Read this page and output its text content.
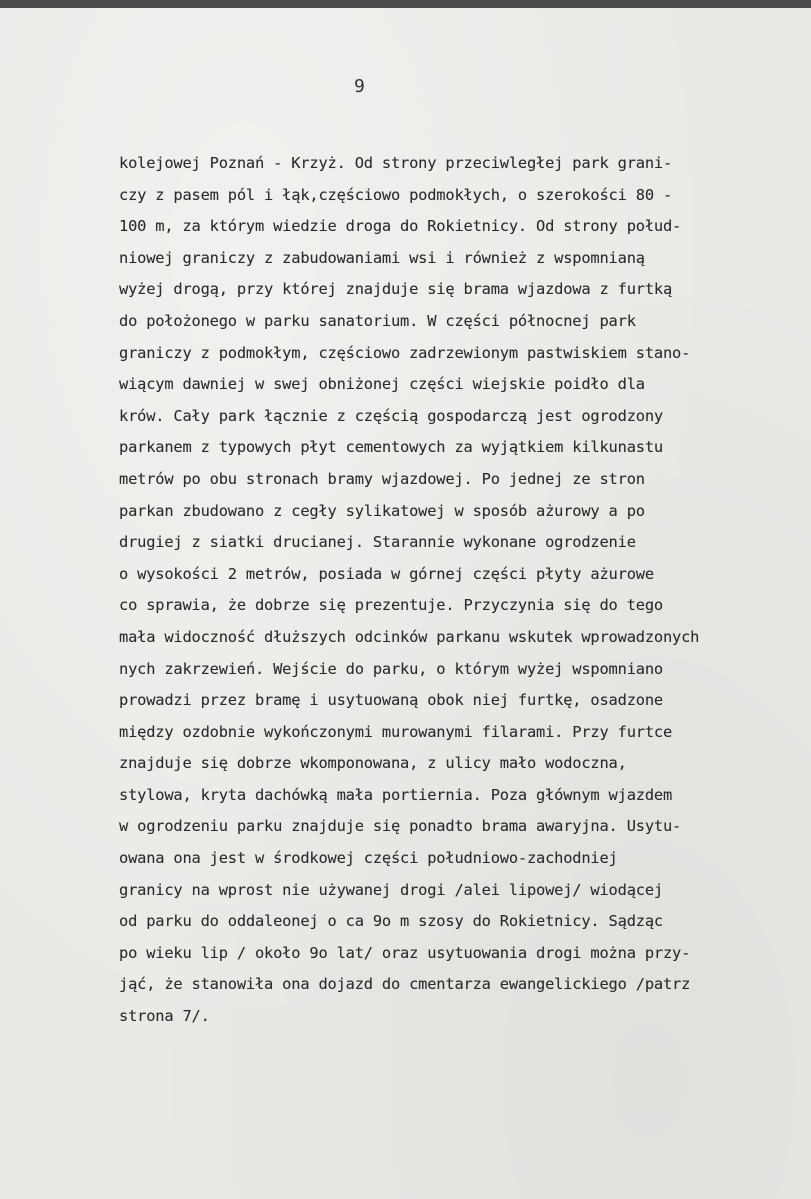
9
kolejowej Poznań - Krzyż. Od strony przeciwległej park grani-
czy z pasem pól i łąk,częściowo podmokłych, o szerokości 80 -
100 m, za którym wiedzie droga do Rokietnicy. Od strony połud-
niowej graniczy z zabudowaniami wsi i również z wspomnianą
wyżej drogą, przy której znajduje się brama wjazdowa z furtką
do położonego w parku sanatorium. W części północnej park
graniczy z podmokłym, częściowo zadrzewionym pastwiskiem stano-
wiącym dawniej w swej obniżonej części wiejskie poidło dla
krów. Cały park łącznie z częścią gospodarczą jest ogrodzony
parkanem z typowych płyt cementowych za wyjątkiem kilkunastu
metrów po obu stronach bramy wjazdowej. Po jednej ze stron
parkan zbudowano z cegły sylikatowej w sposób ażurowy a po
drugiej z siatki drucianej. Starannie wykonane ogrodzenie
o wysokości 2 metrów, posiada w górnej części płyty ażurowe
co sprawia, że dobrze się prezentuje. Przyczynia się do tego
mała widoczność dłuższych odcinków parkanu wskutek wprowadzonych
nych zakrzewień. Wejście do parku, o którym wyżej wspomniano
prowadzi przez bramę i usytuowaną obok niej furtkę, osadzone
między ozdobnie wykończonymi murowanymi filarami. Przy furtce
znajduje się dobrze wkomponowana, z ulicy mało wodoczna,
stylowa, kryta dachówką mała portiernia. Poza głównym wjazdem
w ogrodzeniu parku znajduje się ponadto brama awaryjna. Usytu-
owana ona jest w środkowej części południowo-zachodniej
granicy na wprost nie używanej drogi /alei lipowej/ wiodącej
od parku do oddaleonej o ca 9o m szosy do Rokietnicy. Sądząc
po wieku lip / około 9o lat/ oraz usytuowania drogi można przy-
jąć, że stanowiła ona dojazd do cmentarza ewangelickiego /patrz
strona 7/.
